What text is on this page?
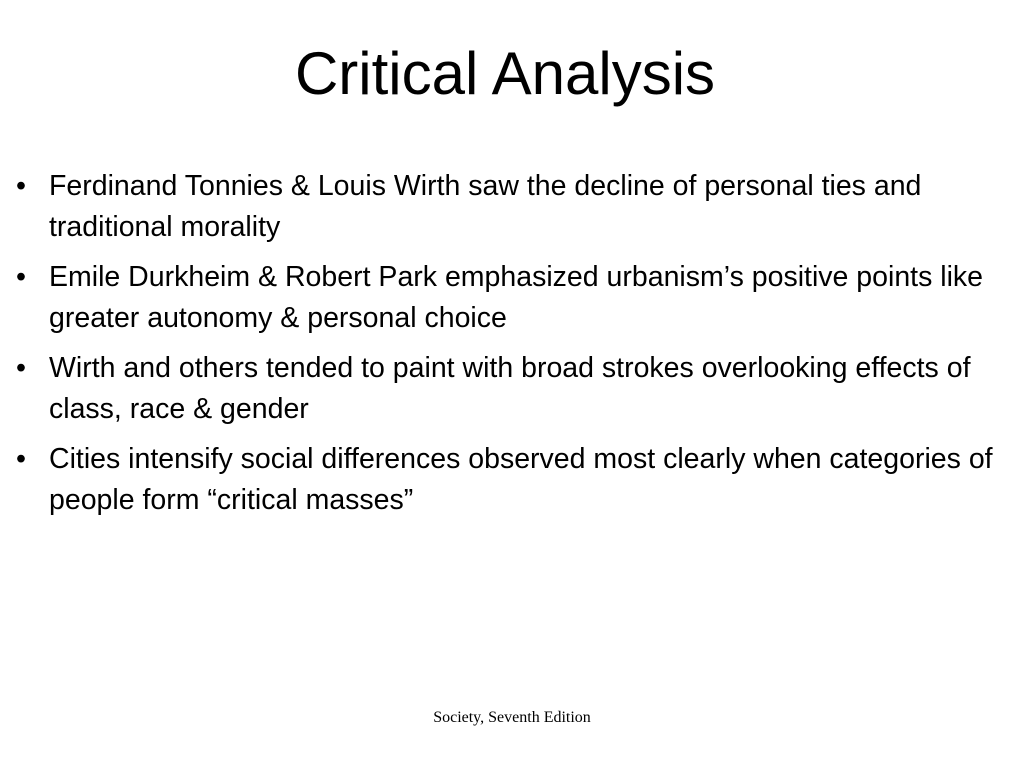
Critical Analysis
• Ferdinand Tonnies & Louis Wirth saw the decline of personal ties and traditional morality
• Emile Durkheim & Robert Park emphasized urbanism’s positive points like greater autonomy & personal choice
• Wirth and others tended to paint with broad strokes overlooking effects of class, race & gender
• Cities intensify social differences observed most clearly when categories of people form “critical masses”
Society, Seventh Edition
